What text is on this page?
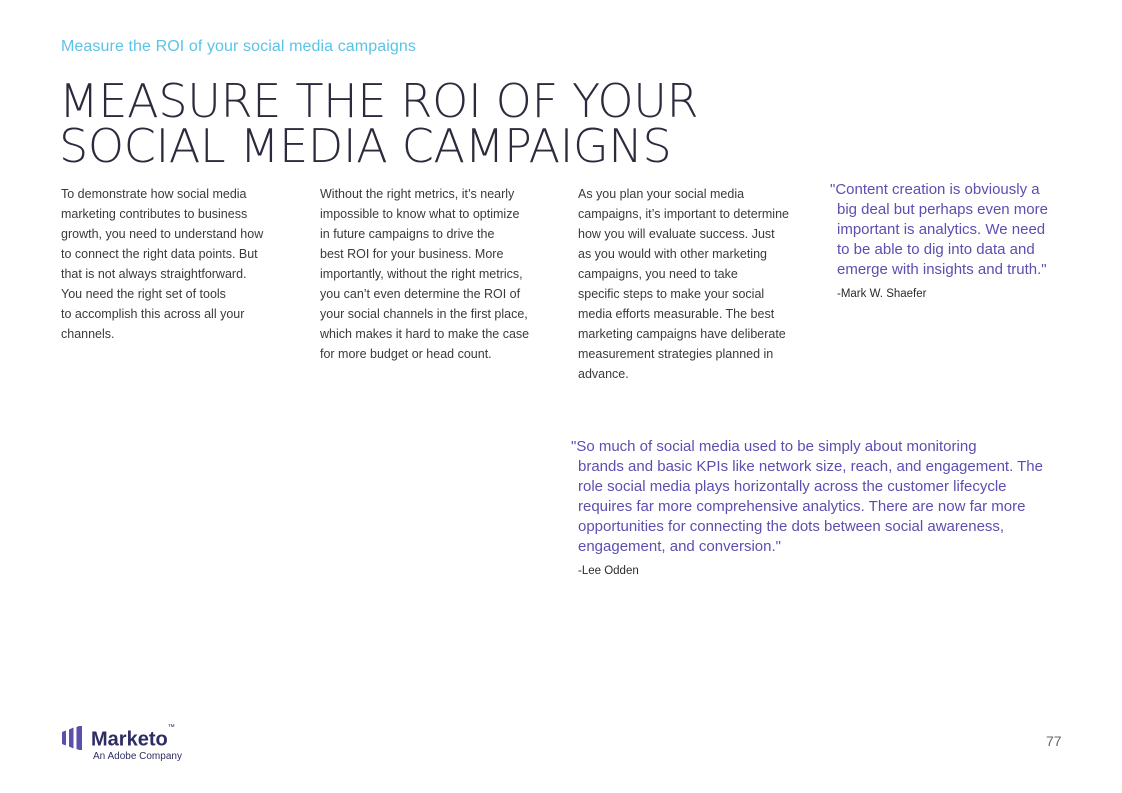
Measure the ROI of your social media campaigns
MEASURE THE ROI OF YOUR
SOCIAL MEDIA CAMPAIGNS
To demonstrate how social media
marketing contributes to business
growth, you need to understand how
to connect the right data points. But
that is not always straightforward.
You need the right set of tools
to accomplish this across all your
channels.
Without the right metrics, it’s nearly
impossible to know what to optimize
in future campaigns to drive the
best ROI for your business. More
importantly, without the right metrics,
you can’t even determine the ROI of
your social channels in the first place,
which makes it hard to make the case
for more budget or head count.
As you plan your social media
campaigns, it’s important to determine
how you will evaluate success. Just
as you would with other marketing
campaigns, you need to take
specific steps to make your social
media efforts measurable. The best
marketing campaigns have deliberate
measurement strategies planned in
advance.
"Content creation is obviously a
big deal but perhaps even more
important is analytics. We need
to be able to dig into data and
emerge with insights and truth."
-Mark W. Shaefer
"So much of social media used to be simply about monitoring
brands and basic KPIs like network size, reach, and engagement. The
role social media plays horizontally across the customer lifecycle
requires far more comprehensive analytics. There are now far more
opportunities for connecting the dots between social awareness,
engagement, and conversion."
-Lee Odden
Marketo™
An Adobe Company
77
